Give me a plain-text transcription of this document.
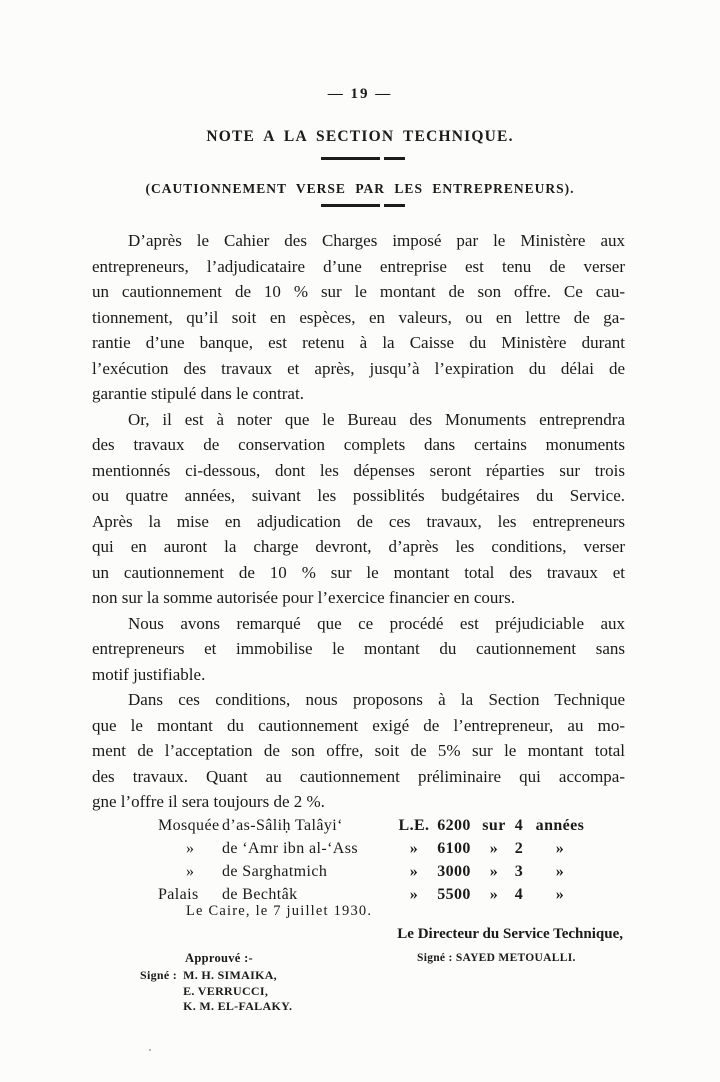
— 19 —
NOTE A LA SECTION TECHNIQUE.
(CAUTIONNEMENT VERSE PAR LES ENTREPRENEURS).
D’après le Cahier des Charges imposé par le Ministère aux
entrepreneurs, l’adjudicataire d’une entreprise est tenu de verser
un cautionnement de 10 % sur le montant de son offre. Ce cau-
tionnement, qu’il soit en espèces, en valeurs, ou en lettre de ga-
rantie d’une banque, est retenu à la Caisse du Ministère durant
l’exécution des travaux et après, jusqu’à l’expiration du délai de
garantie stipulé dans le contrat.
Or, il est à noter que le Bureau des Monuments entreprendra
des travaux de conservation complets dans certains monuments
mentionnés ci-dessous, dont les dépenses seront réparties sur trois
ou quatre années, suivant les possiblités budgétaires du Service.
Après la mise en adjudication de ces travaux, les entrepreneurs
qui en auront la charge devront, d’après les conditions, verser
un cautionnement de 10 % sur le montant total des travaux et
non sur la somme autorisée pour l’exercice financier en cours.
Nous avons remarqué que ce procédé est préjudiciable aux
entrepreneurs et immobilise le montant du cautionnement sans
motif justifiable.
Dans ces conditions, nous proposons à la Section Technique
que le montant du cautionnement exigé de l’entrepreneur, au mo-
ment de l’acceptation de son offre, soit de 5% sur le montant total
des travaux. Quant au cautionnement préliminaire qui accompa-
gne l’offre il sera toujours de 2 %.
Mosquée d’as-Sâliḥ Talâyi‘	L.E. 6200 sur 4 années
»	de ‘Amr ibn al-‘Ass	»	6100	»	2	»
»	de Sarghatmich	»	3000	»	3	»
Palais	de Bechtâk	»	5500	»	4	»
Le Caire, le 7 juillet 1930.
Le Directeur du Service Technique,
Signé : SAYED METOUALLI.
Approuvé :-
Signé : M. H. SIMAIKA,
E. VERRUCCI,
K. M. EL-FALAKY.
